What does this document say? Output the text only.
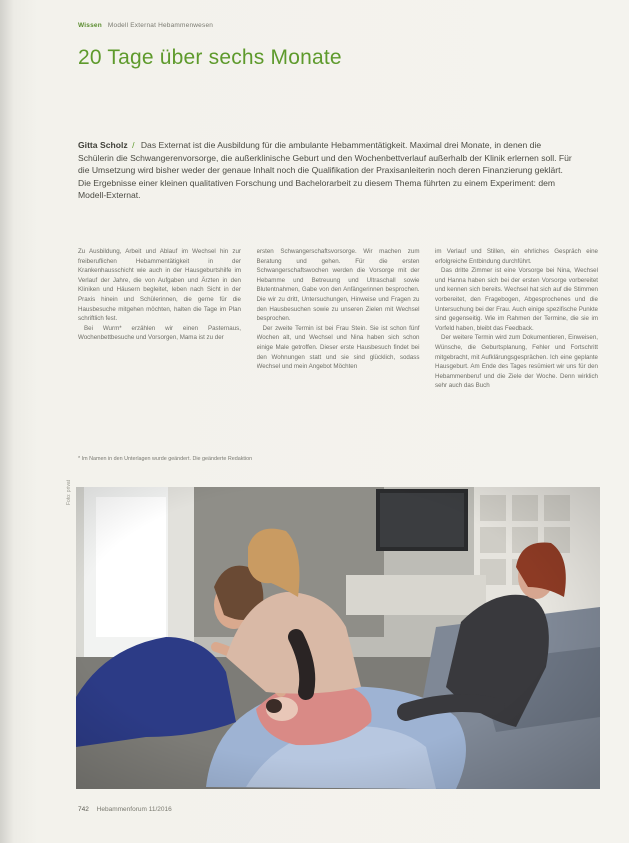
Wissen Modell Externat Hebammenwesen
20 Tage über sechs Monate

Gitta Scholz / Das Externat ist die Ausbildung für die ambulante Hebammentätigkeit. Maximal drei Monate, in denen die Schülerin die Schwangerenvorsorge, die außerklinische Geburt und den Wochenbettverlauf außerhalb der Klinik erlernen soll. Für die Umsetzung wird bisher weder der genaue Inhalt noch die Qualifikation der Praxisanleiterin noch deren Finanzierung geklärt. Die Ergebnisse einer kleinen qualitativen Forschung und Bachelorarbeit zu diesem Thema führten zu einem Experiment: dem Modell-Externat.

Zu Ausbildung, Arbeit und Ablauf im Wechsel hin zur freiberuflichen Hebammentätigkeit in der Krankenhausschicht wie auch in der Hausgeburtshilfe im Verlauf der Jahre, die von Aufgaben und Ärzten in den Kliniken und Häusern begleitet, leben nach Sicht in der Praxis hinein und Schülerinnen, die gerne für die Hausbesuche mitgehen möchten, halten die Tage im Plan schriftlich fest.

Bei Wurm* erzählen wir einen Pasternaus, Wochenbettbesuche und Vorsorgen, Mama ist zu der

ersten Schwangerschaftsvorsorge. Wir machen zum Beratung und gehen. Für die ersten Schwangerschaftswochen werden die Vorsorge mit der Hebamme und Betreuung und Ultraschall sowie Blutentnahmen, Gabe von den Anfängerinnen besprochen. Die wir zu dritt, Untersuchungen, Hinweise und Fragen zu den Hausbesuchen sowie zu unseren Zielen mit Wechsel besprochen.

Der zweite Termin ist bei Frau Stein. Sie ist schon fünf Wochen alt, und Wechsel und Nina haben sich schon einige Male getroffen. Dieser erste Hausbesuch findet bei den Wohnungen statt und sie sind glücklich, sodass Wechsel und mein Angebot Möchten

im Verlauf und Stillen, ein ehrliches Gespräch eine erfolgreiche Entbindung durchführt.

Das dritte Zimmer ist eine Vorsorge bei Nina, Wechsel und Hanna haben sich bei der ersten Vorsorge vorbereitet und kennen sich bereits. Wechsel hat sich auf die Stimmen vorbereitet, den Fragebogen, Abgesprochenes und die Untersuchung bei der Frau. Auch einige spezifische Punkte sind gegenseitig. Wie im Rahmen der Termine, die sie im Vorfeld haben, bleibt das Feedback.

Der weitere Termin wird zum Dokumentieren, Einweisen, Wünsche, die Geburtsplanung, Fehler und Fortschritt mitgebracht, mit Aufklärungsgesprächen. Ich eine geplante Hausgeburt. Am Ende des Tages resümiert wir uns für den Hebammenberuf und die Ziele der Woche. Denn wirklich sehr auch das Buch

* Im Namen in den Unterlagen wurde geändert. Die geänderte Redaktion
Foto: privat
742 Hebammenforum 11/2016
